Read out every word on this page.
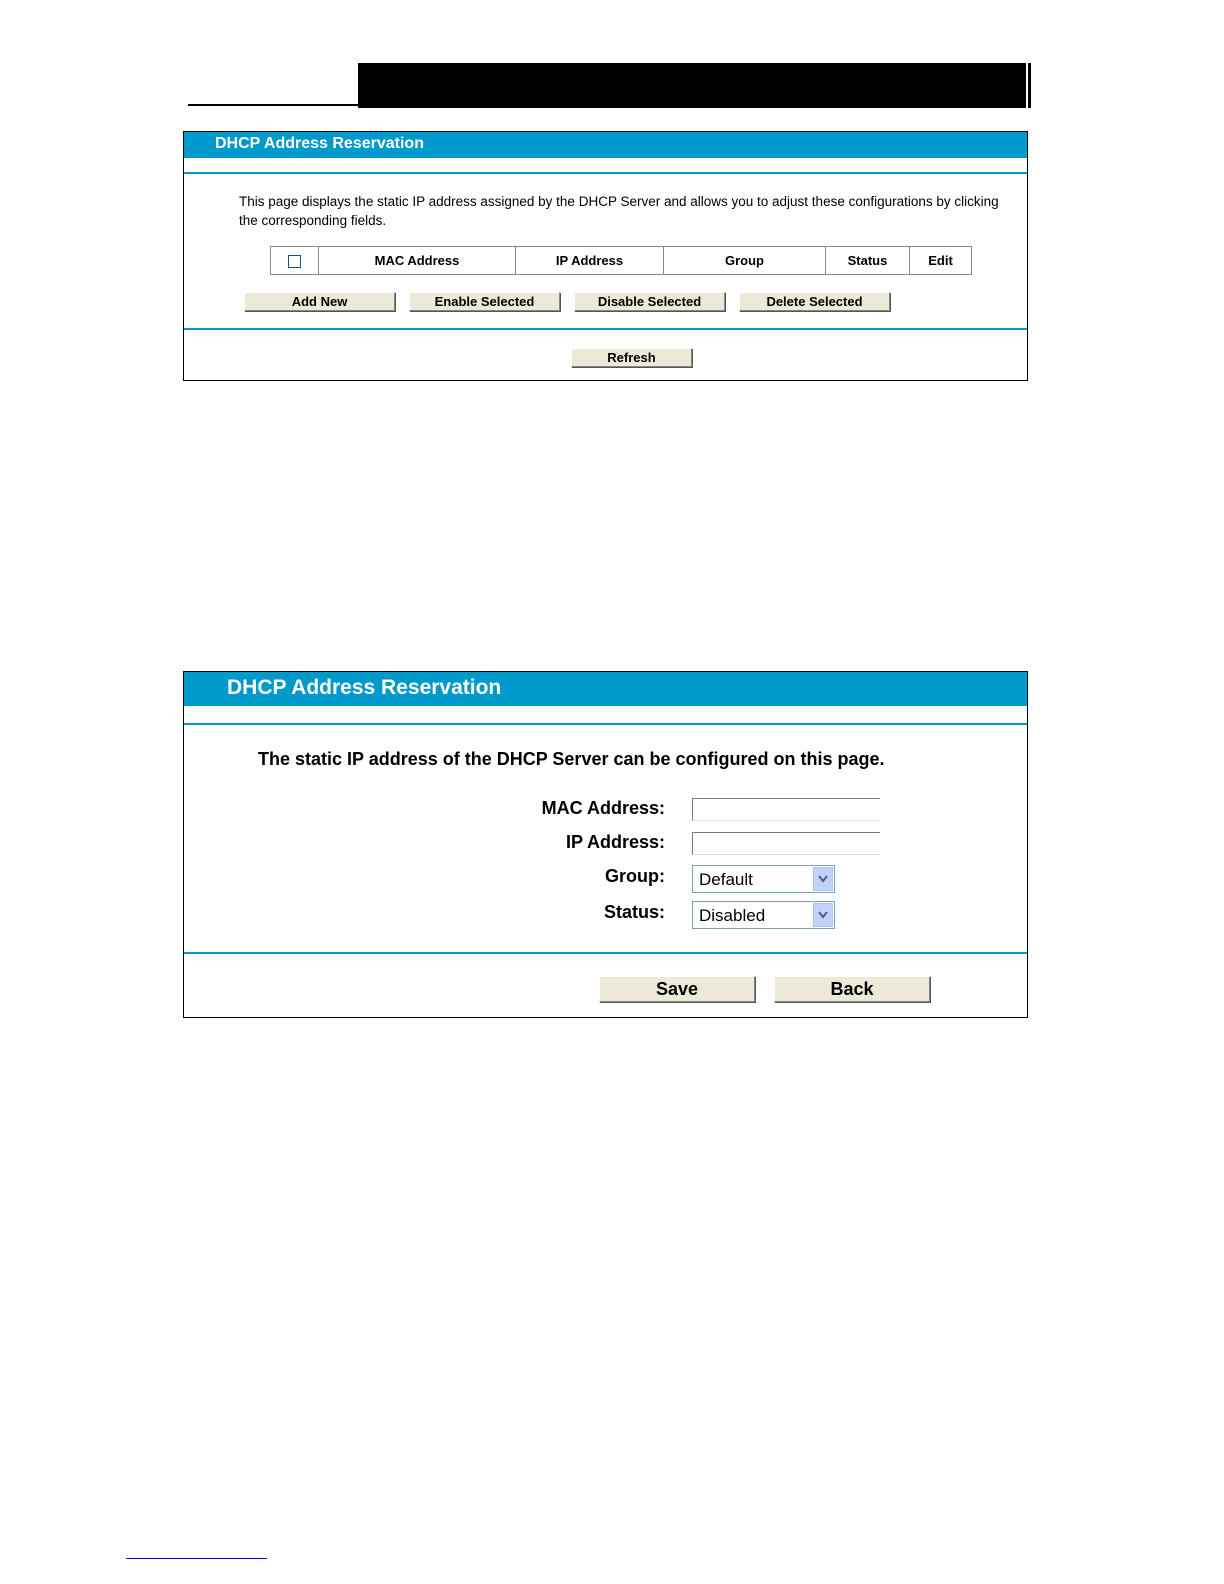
DHCP Address Reservation
This page displays the static IP address assigned by the DHCP Server and allows you to adjust these configurations by clicking the corresponding fields.
	MAC Address	IP Address	Group	Status	Edit
Add New	Enable Selected	Disable Selected	Delete Selected
Refresh
DHCP Address Reservation
The static IP address of the DHCP Server can be configured on this page.
MAC Address:
IP Address:
Group: Default
Status: Disabled
Save	Back
